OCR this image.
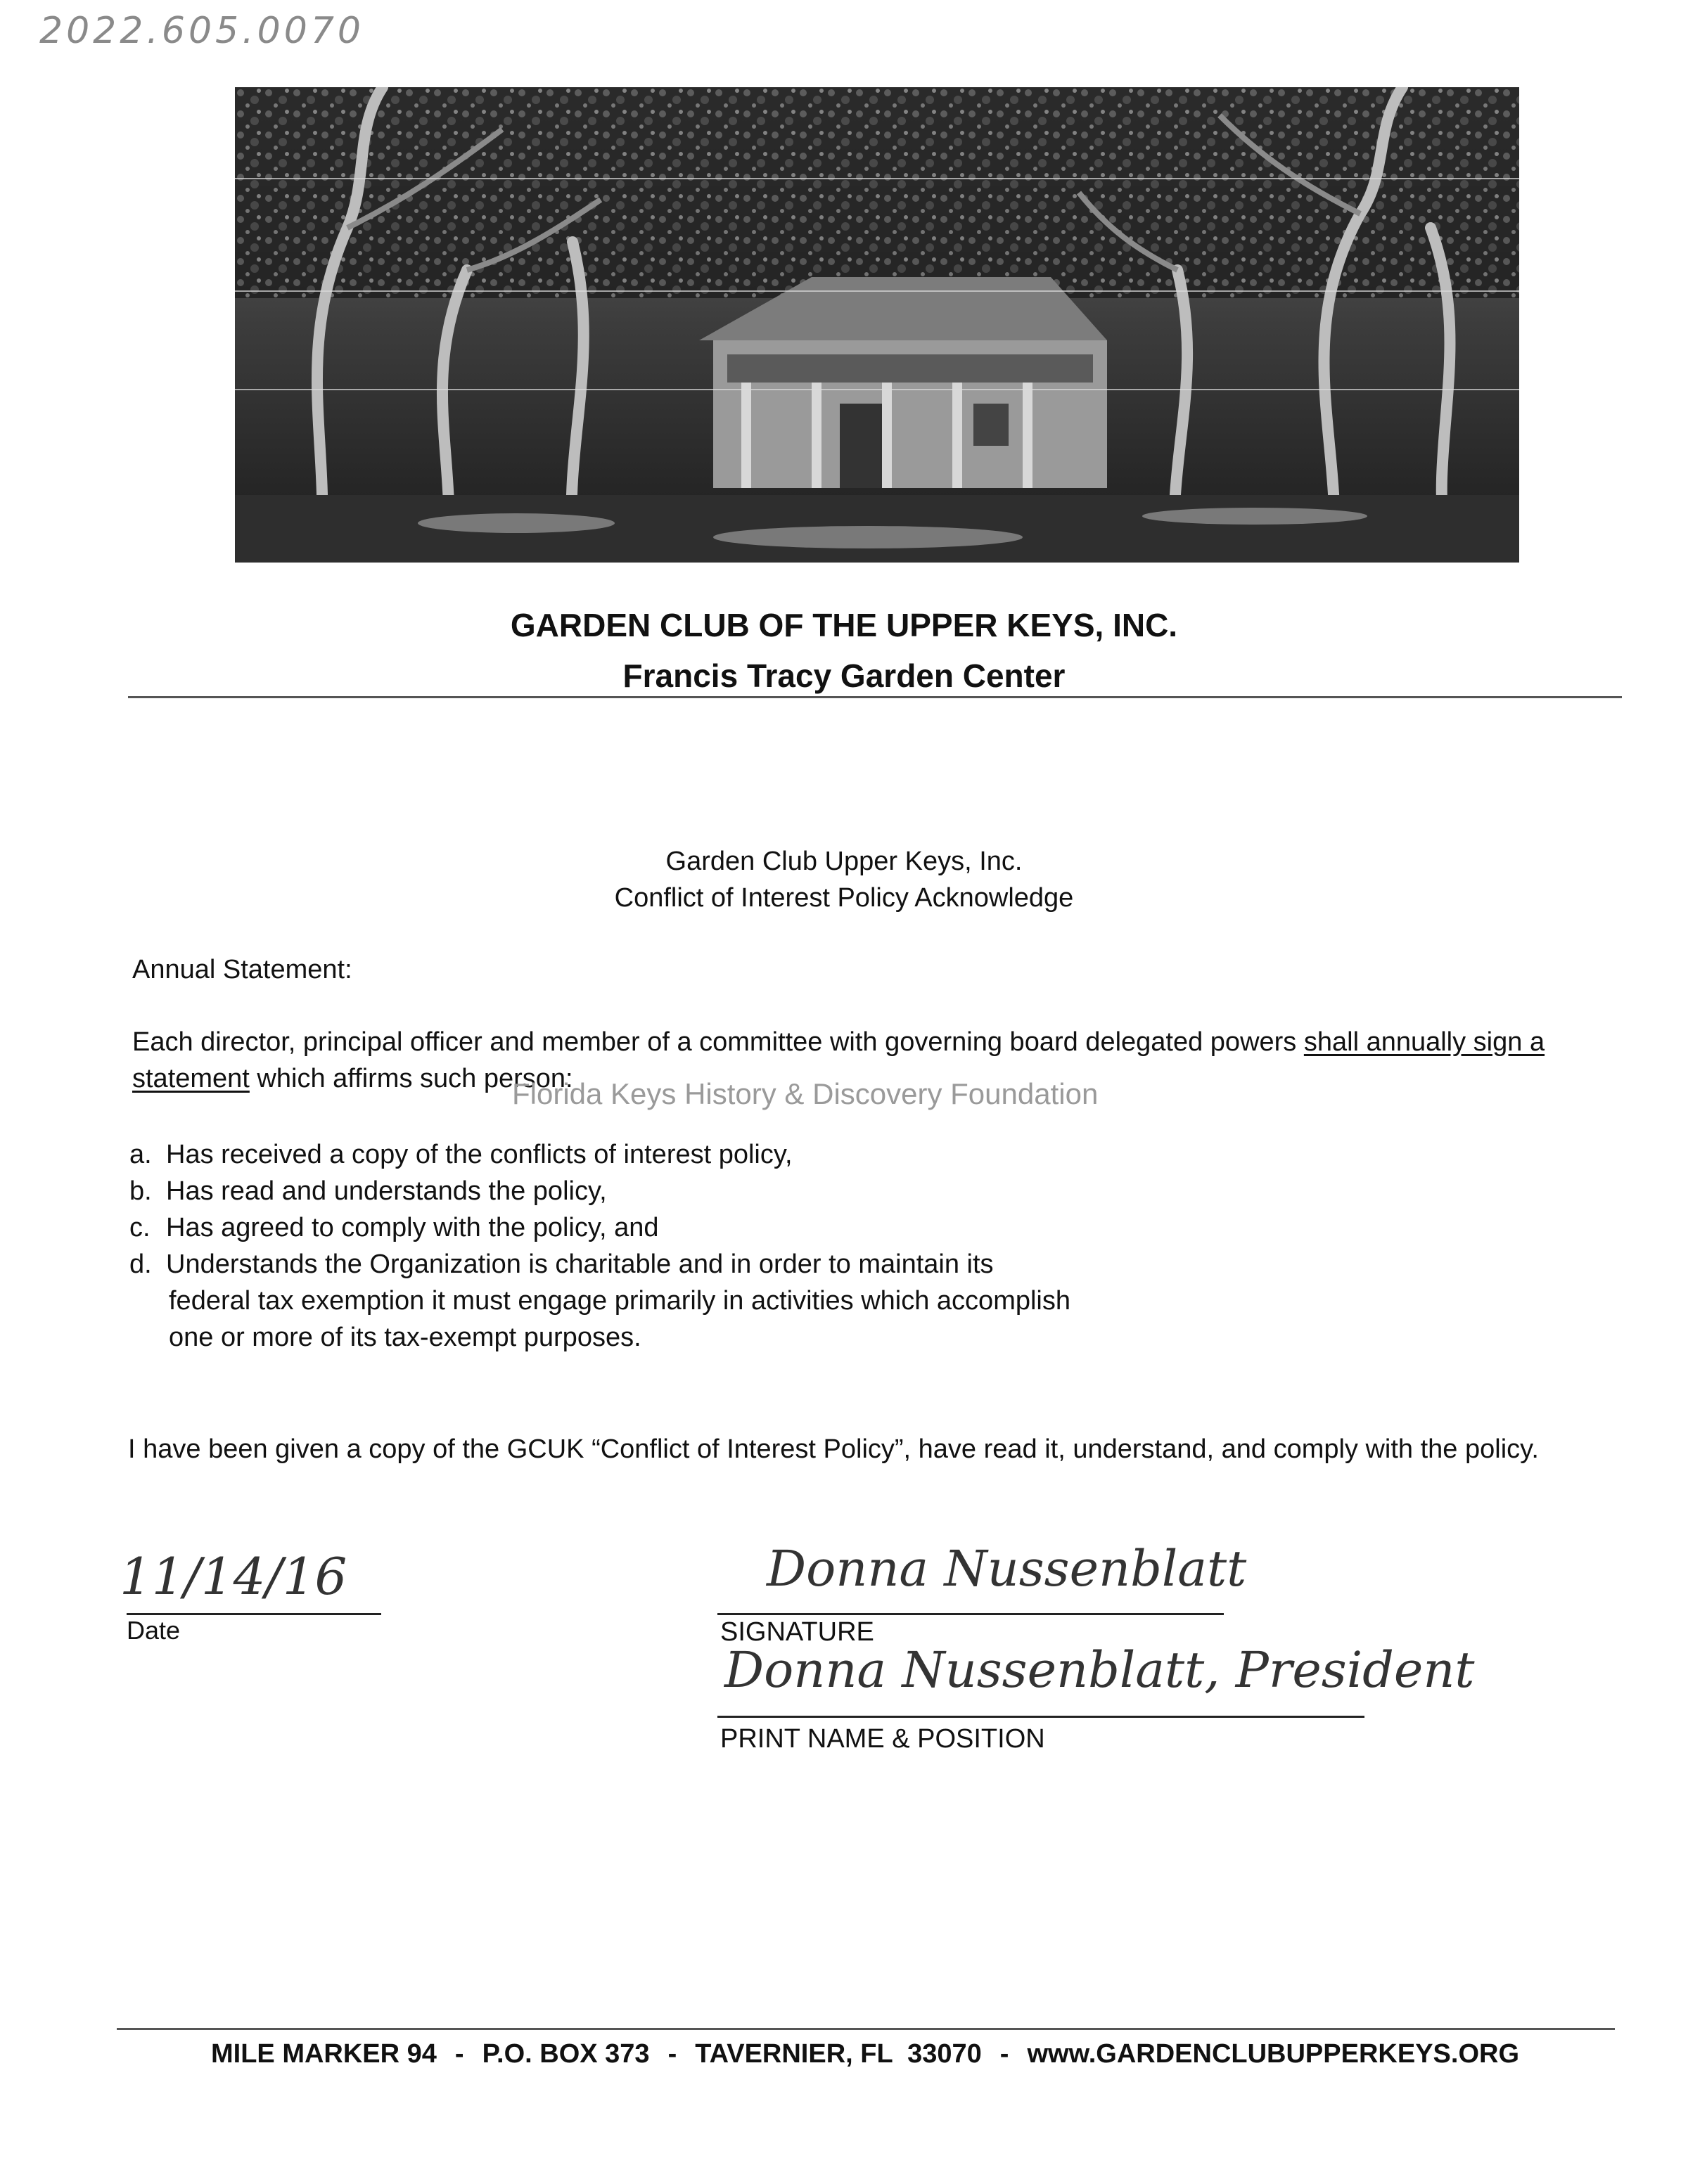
2022.605.0070
GARDEN CLUB OF THE UPPER KEYS, INC.
Francis Tracy Garden Center
Garden Club Upper Keys, Inc.
Conflict of Interest Policy Acknowledge
Annual Statement:
Each director, principal officer and member of a committee with governing board delegated powers shall annually sign a statement which affirms such person:
Florida Keys History & Discovery Foundation
a. Has received a copy of the conflicts of interest policy,
b. Has read and understands the policy,
c. Has agreed to comply with the policy, and
d. Understands the Organization is charitable and in order to maintain its
federal tax exemption it must engage primarily in activities which accomplish
one or more of its tax-exempt purposes.
I have been given a copy of the GCUK “Conflict of Interest Policy”, have read it, understand, and comply with the policy.
11/14/16
Date
Donna Nussenblatt
SIGNATURE
Donna Nussenblatt, President
PRINT NAME & POSITION
MILE MARKER 94 - P.O. BOX 373 - TAVERNIER, FL  33070 - www.GARDENCLUBUPPERKEYS.ORG
